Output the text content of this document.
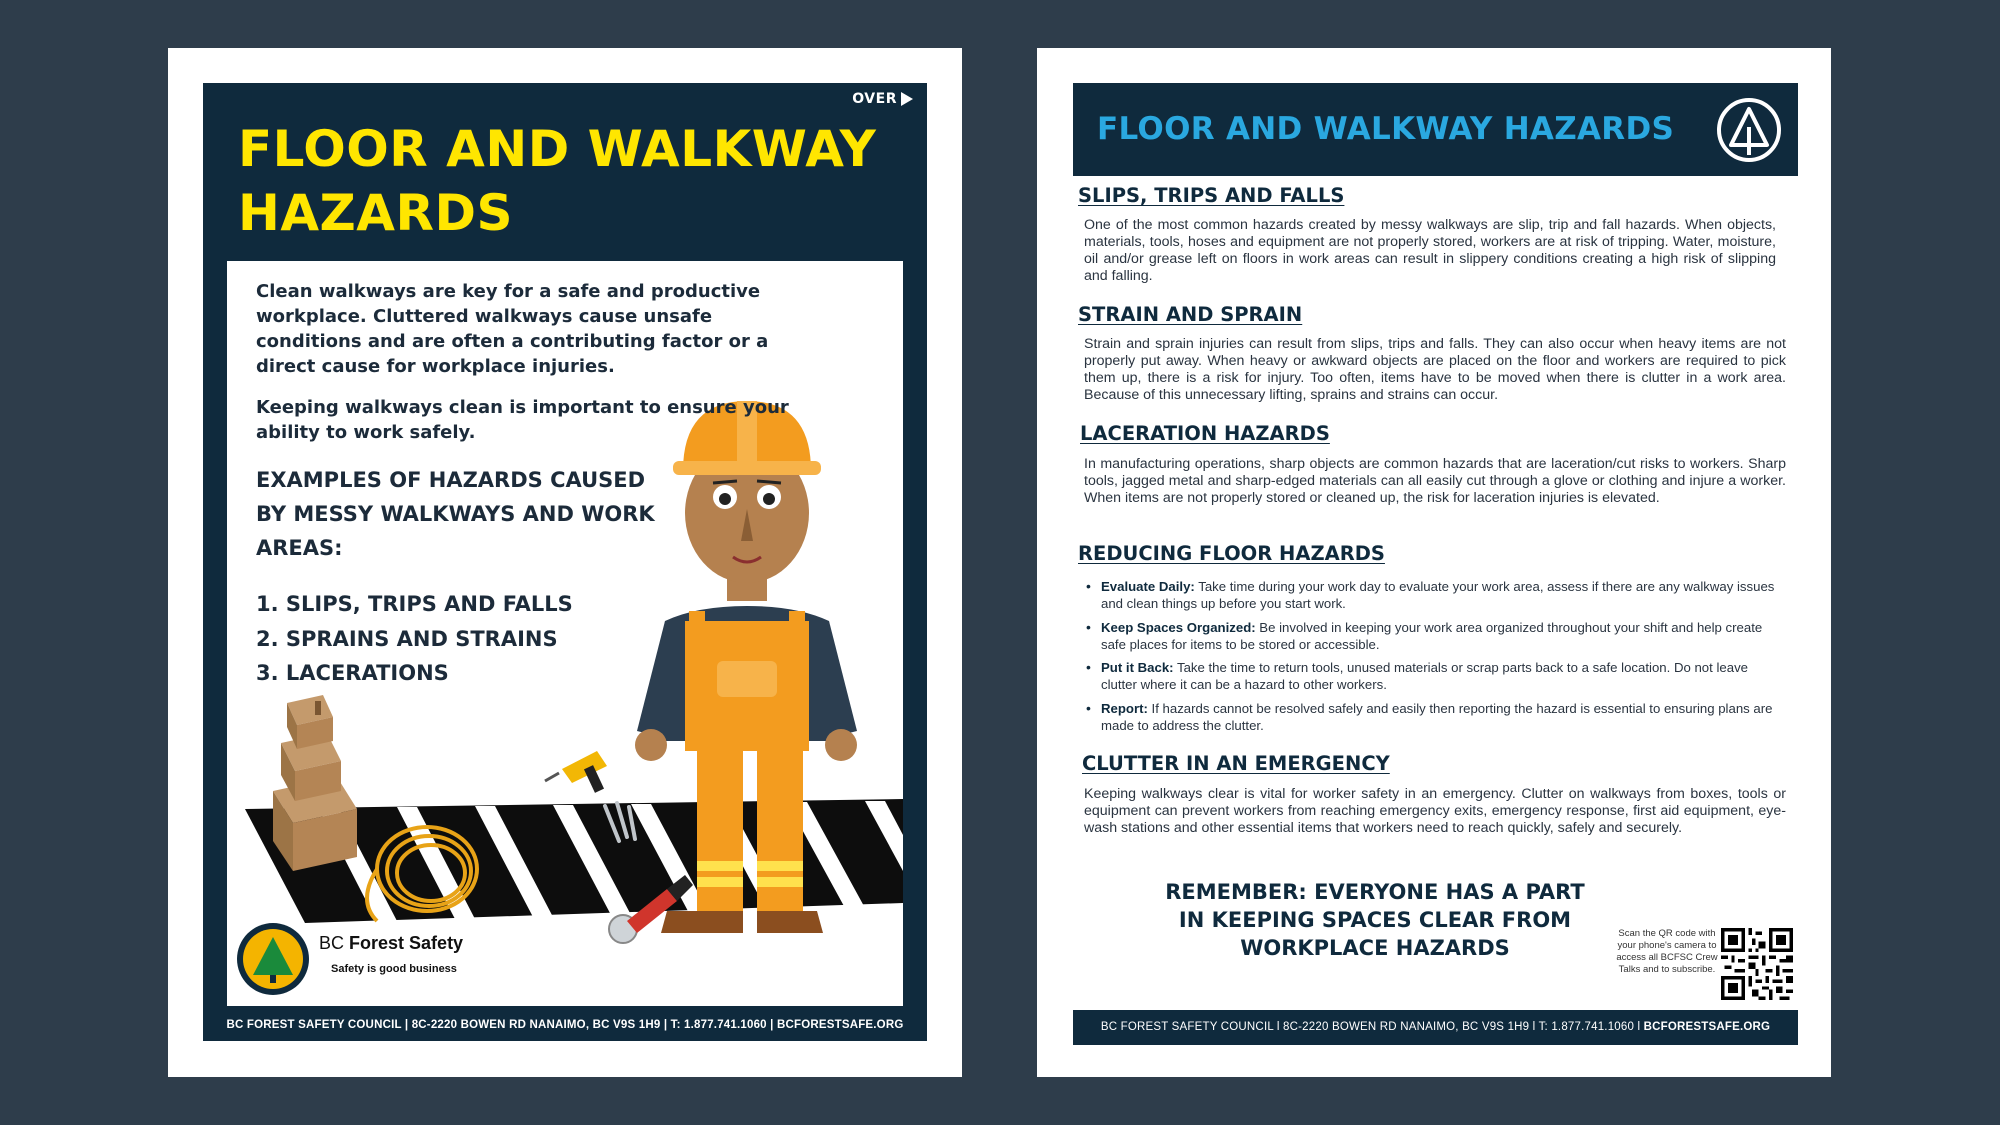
OVER
FLOOR AND WALKWAY
HAZARDS
Clean walkways are key for a safe and productive workplace. Cluttered walkways cause unsafe conditions and are often a contributing factor or a direct cause for workplace injuries.
Keeping walkways clean is important to ensure your ability to work safely.
EXAMPLES OF HAZARDS CAUSED BY MESSY WALKWAYS AND WORK AREAS:
1. SLIPS, TRIPS AND FALLS
2. SPRAINS AND STRAINS
3. LACERATIONS
BC Forest Safety
Safety is good business
BC FOREST SAFETY COUNCIL | 8C-2220 BOWEN RD NANAIMO, BC V9S 1H9 | T: 1.877.741.1060 | BCFORESTSAFE.ORG
FLOOR AND WALKWAY HAZARDS
SLIPS, TRIPS AND FALLS
One of the most common hazards created by messy walkways are slip, trip and fall hazards. When objects, materials, tools, hoses and equipment are not properly stored, workers are at risk of tripping. Water, moisture, oil and/or grease left on floors in work areas can result in slippery conditions creating a high risk of slipping and falling.
STRAIN AND SPRAIN
Strain and sprain injuries can result from slips, trips and falls. They can also occur when heavy items are not properly put away. When heavy or awkward objects are placed on the floor and workers are required to pick them up, there is a risk for injury. Too often, items have to be moved when there is clutter in a work area. Because of this unnecessary lifting, sprains and strains can occur.
LACERATION HAZARDS
In manufacturing operations, sharp objects are common hazards that are laceration/cut risks to workers. Sharp tools, jagged metal and sharp-edged materials can all easily cut through a glove or clothing and injure a worker. When items are not properly stored or cleaned up, the risk for laceration injuries is elevated.
REDUCING FLOOR HAZARDS
• Evaluate Daily: Take time during your work day to evaluate your work area, assess if there are any walkway issues and clean things up before you start work.
• Keep Spaces Organized: Be involved in keeping your work area organized throughout your shift and help create safe places for items to be stored or accessible.
• Put it Back: Take the time to return tools, unused materials or scrap parts back to a safe location. Do not leave clutter where it can be a hazard to other workers.
• Report: If hazards cannot be resolved safely and easily then reporting the hazard is essential to ensuring plans are made to address the clutter.
CLUTTER IN AN EMERGENCY
Keeping walkways clear is vital for worker safety in an emergency. Clutter on walkways from boxes, tools or equipment can prevent workers from reaching emergency exits, emergency response, first aid equipment, eye-wash stations and other essential items that workers need to reach quickly, safely and securely.
REMEMBER: EVERYONE HAS A PART IN KEEPING SPACES CLEAR FROM WORKPLACE HAZARDS
Scan the QR code with your phone's camera to access all BCFSC Crew Talks and to subscribe.
BC FOREST SAFETY COUNCIL l 8C-2220 BOWEN RD NANAIMO, BC V9S 1H9 l T: 1.877.741.1060 l BCFORESTSAFE.ORG
